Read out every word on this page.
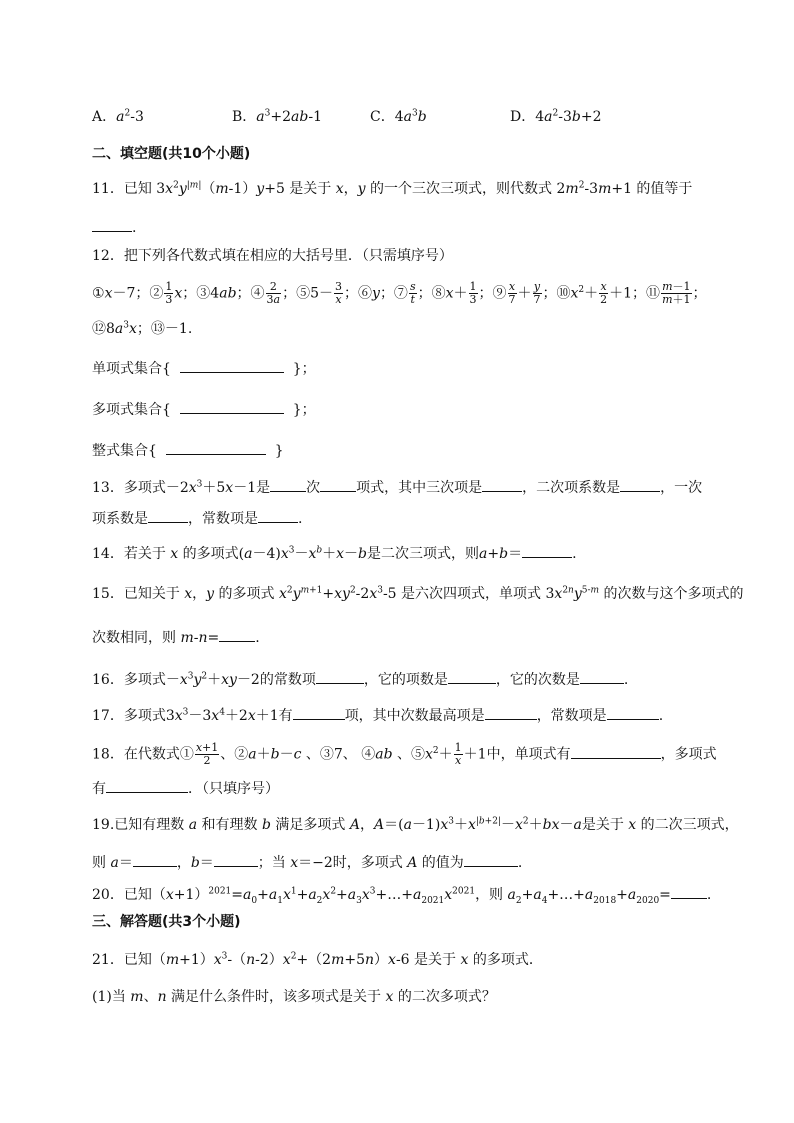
A．$a^2-3$	B．$a^3+2ab-1$	C．$4a^3b$	D．$4a^2-3b+2$
二、填空题(共10个小题)
11．已知 $3x^2y^{|m|}(m-1)y+5$ 是关于 x，y 的一个三次三项式，则代数式 $2m^2-3m+1$ 的值等于
.
12．把下列各代数式填在相应的大括号里．（只需填序号）
①x－7；② $\frac{1}{3}$ x；③4ab；④ $\frac{2}{3a}$ ；⑤5－ $\frac{3}{x}$ ；⑥y；⑦ $\frac{s}{t}$ ；⑧x＋ $\frac{1}{3}$ ；⑨ $\frac{x}{7} + \frac{y}{7}$ ；$⑩x^2+ \frac{x}{2} +1$；⑪ $\frac{m-1}{m+1}$ ；
$⑫8a^3x$；⑬－1.
单项式集合{	}；
多项式集合{	}；
整式集合{	}
13．多项式$-2x^3+5x-1$是	次	项式，其中三次项是	，二次项系数是	，一次
项系数是	，常数项是	.
14．若关于 x 的多项式$(a-4)x^3-x^b+x-b$是二次三项式，则a+b＝	.
15．已知关于 x，y 的多项式 $x^2y^{m+1}+xy^2-2x^3-5$ 是六次四项式，单项式 $3x^{2n}y^{5-m}$ 的次数与这个多项式的
次数相同，则 m-n=	.
16．多项式$-x^3y^2+xy-2$的常数项	，它的项数是	，它的次数是	.
17．多项式$3x^3-3x^4+2x+1$有	项，其中次数最高项是	，常数项是	.
18．在代数式① $\frac{x+1}{2}$ 、②a＋b－c 、③7、 ④ab 、$⑤x^2+ \frac{1}{x} +1$中，单项式有	，多项式
有	．（只填序号）
19.已知有理数 a 和有理数 b 满足多项式 A，$A=(a-1)x^3+x^{|b+2|}-x^2+bx-a$是关于 x 的二次三项式，
则 a＝	，b＝	；当 x＝−2时，多项式 A 的值为	.
20．已知$(x+1)^{2021}=a_0+a_1x^1+a_2x^2+a_3x^3+\dots+a_{2021}x^{2021}$，则 $a_2+a_4+\dots+a_{2018}+a_{2020}=$	.
三、解答题(共3个小题)
21．已知$(m+1)x^3-(n-2)x^2+(2m+5n)x-6$ 是关于 x 的多项式．
(1)当 m、n 满足什么条件时，该多项式是关于 x 的二次多项式？
